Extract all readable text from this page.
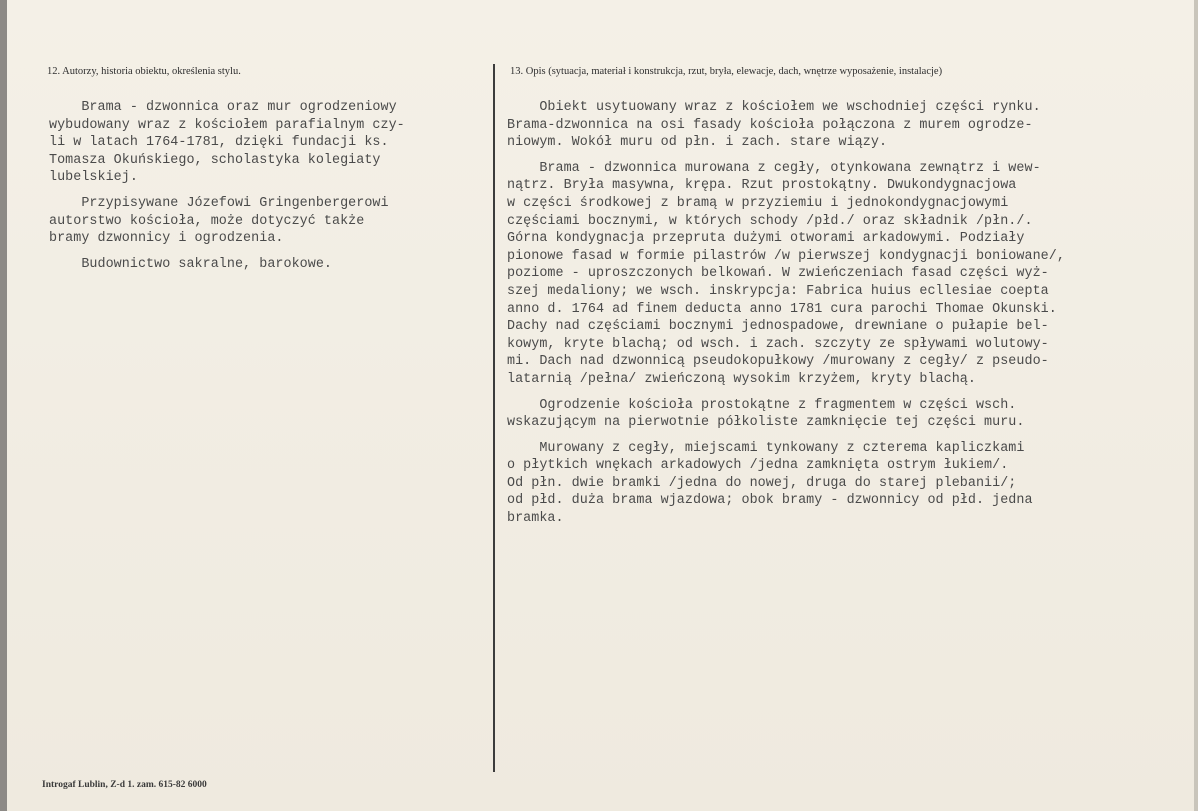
12. Autorzy, historia obiektu, określenia stylu.	13. Opis (sytuacja, materiał i konstrukcja, rzut, bryła, elewacje, dach, wnętrze wyposażenie, instalacje)

Brama - dzwonnica oraz mur ogrodzeniowy
wybudowany wraz z kościołem parafialnym czy-
li w latach 1764-1781, dzięki fundacji ks.
Tomasza Okuńskiego, scholastyka kolegiaty
lubelskiej.

Przypisywane Józefowi Gringenbergerowi
autorstwo kościoła, może dotyczyć także
bramy dzwonnicy i ogrodzenia.

Budownictwo sakralne, barokowe.

Obiekt usytuowany wraz z kościołem we wschodniej części rynku.
Brama-dzwonnica na osi fasady kościoła połączona z murem ogrodze-
niowym. Wokół muru od płn. i zach. stare wiązy.

Brama - dzwonnica murowana z cegły, otynkowana zewnątrz i wew-
nątrz. Bryła masywna, krępa. Rzut prostokątny. Dwukondygnacjowa
w części środkowej z bramą w przyziemiu i jednokondygnacjowymi
częściami bocznymi, w których schody /płd./ oraz składnik /płn./.
Górna kondygnacja przepruta dużymi otworami arkadowymi. Podziały
pionowe fasad w formie pilastrów /w pierwszej kondygnacji boniowane/,
poziome - uproszczonych belkowań. W zwieńczeniach fasad części wyż-
szej medaliony; we wsch. inskrypcja: Fabrica huius ecllesiae coepta
anno d. 1764 ad finem deducta anno 1781 cura parochi Thomae Okunski.
Dachy nad częściami bocznymi jednospadowe, drewniane o pułapie bel-
kowym, kryte blachą; od wsch. i zach. szczyty ze spływami wolutowy-
mi. Dach nad dzwonnicą pseudokopułkowy /murowany z cegły/ z pseudo-
latarnią /pełna/ zwieńczoną wysokim krzyżem, kryty blachą.

Ogrodzenie kościoła prostokątne z fragmentem w części wsch.
wskazującym na pierwotnie półkoliste zamknięcie tej części muru.

Murowany z cegły, miejscami tynkowany z czterema kapliczkami
o płytkich wnękach arkadowych /jedna zamknięta ostrym łukiem/.
Od płn. dwie bramki /jedna do nowej, druga do starej plebanii/;
od płd. duża brama wjazdowa; obok bramy - dzwonnicy od płd. jedna
bramka.

Introgaf Lublin, Z-d 1. zam. 615-82 6000
